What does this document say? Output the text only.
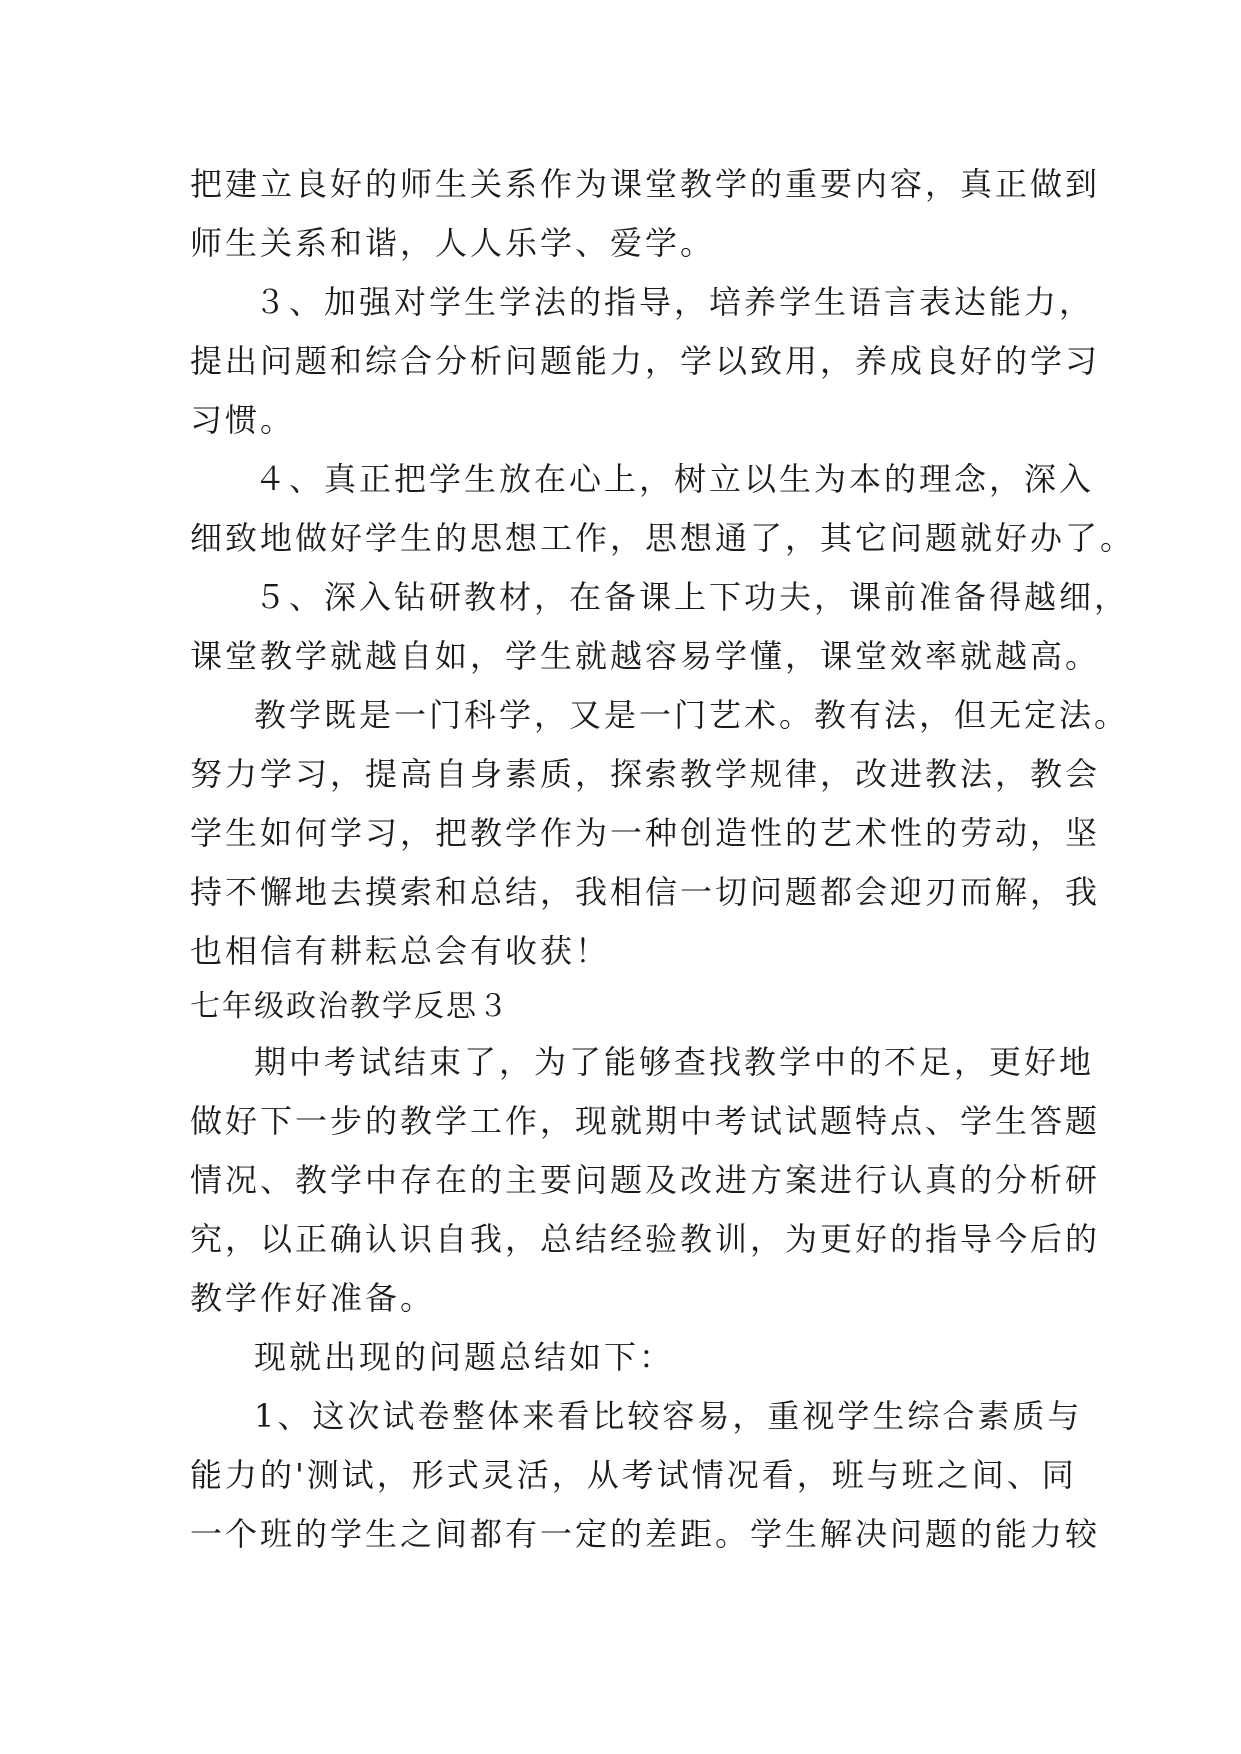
把建立良好的师生关系作为课堂教学的重要内容，真正做到
师生关系和谐，人人乐学、爱学。
３、加强对学生学法的指导，培养学生语言表达能力，
提出问题和综合分析问题能力，学以致用，养成良好的学习
习惯。
４、真正把学生放在心上，树立以生为本的理念，深入
细致地做好学生的思想工作，思想通了，其它问题就好办了。
５、深入钻研教材，在备课上下功夫，课前准备得越细，
课堂教学就越自如，学生就越容易学懂，课堂效率就越高。
教学既是一门科学，又是一门艺术。教有法，但无定法。
努力学习，提高自身素质，探索教学规律，改进教法，教会
学生如何学习，把教学作为一种创造性的艺术性的劳动，坚
持不懈地去摸索和总结，我相信一切问题都会迎刃而解，我
也相信有耕耘总会有收获！
七年级政治教学反思３
期中考试结束了，为了能够查找教学中的不足，更好地
做好下一步的教学工作，现就期中考试试题特点、学生答题
情况、教学中存在的主要问题及改进方案进行认真的分析研
究，以正确认识自我，总结经验教训，为更好的指导今后的
教学作好准备。
现就出现的问题总结如下：
1、这次试卷整体来看比较容易，重视学生综合素质与
能力的'测试，形式灵活，从考试情况看，班与班之间、同
一个班的学生之间都有一定的差距。学生解决问题的能力较
